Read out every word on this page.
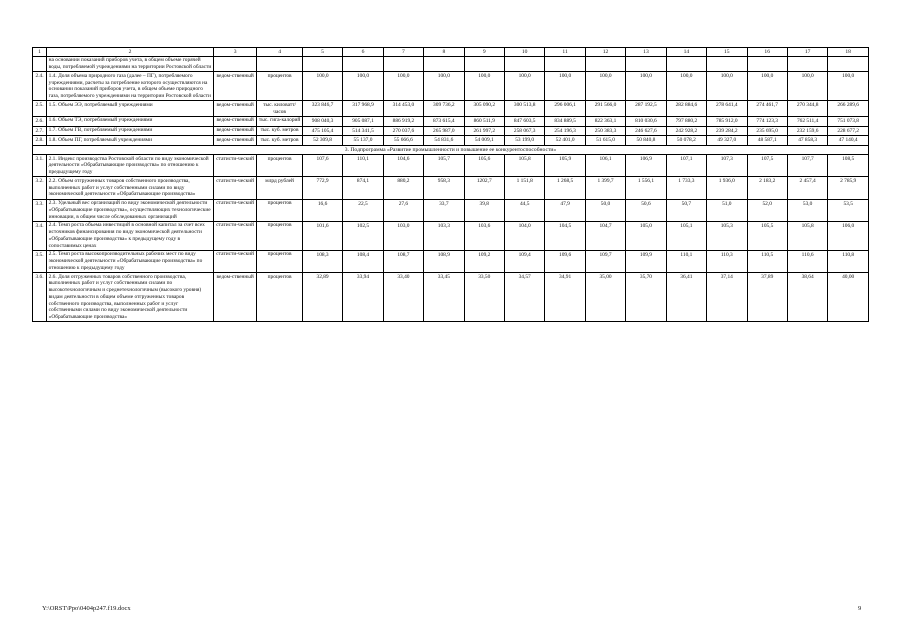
1	2	3	4	5	6	7	8	9	10	11	12	13	14	15	16	17	18
	на основании показаний приборов учета, в общем объеме горячей воды, потребляемой учреждениями на территории Ростовской области																
2.4.	1.4. Доля объема природного газа (далее – ПГ), потребляемого учреждениями, расчеты за потребление которого осуществляются на основании показаний приборов учета, в общем объеме природного газа, потребляемого учреждениями на территории Ростовской области	ведом-ственный	процентов	100,0	100,0	100,0	100,0	100,0	100,0	100,0	100,0	100,0	100,0	100,0	100,0	100,0	100,0
2.5.	1.5. Объем ЭЭ, потребляемый учреждениями	ведом-ственный	тыс. киловатт/ часов	323 846,7	317 968,9	314 453,0	309 736,2	305 090,2	300 513,8	296 006,1	291 566,0	287 192,5	282 884,6	278 641,4	274 461,7	270 344,8	266 289,6
2.6.	1.6. Объем ТЭ, потребляемый учреждениями	ведом-ственный	тыс. гига-калорий	908 040,3	905 087,1	886 919,2	873 615,4	860 511,9	847 603,5	834 889,5	822 363,1	810 030,6	797 880,2	785 912,0	774 123,3	762 511,4	751 073,8
2.7.	1.7. Объем ГВ, потребляемый учреждениями	ведом-ственный	тыс. куб. метров	475 105,4	514 341,5	270 037,6	265 987,0	261 997,2	258 067,3	254 196,3	250 383,3	246 627,6	242 928,2	239 284,2	235 695,0	232 159,6	228 677,2
2.8.	1.8. Объем ПГ, потребляемый учреждениями	ведом-ственный	тыс. куб. метров	52 309,8	55 137,0	55 666,6	54 831,6	54 009,1	53 199,0	52 401,0	51 615,0	50 840,8	50 078,2	49 327,0	48 587,1	47 858,3	47 140,4
3. Подпрограмма «Развитие промышленности и повышение ее конкурентоспособности»																	
3.1.	2.1. Индекс производства Ростовской области по виду экономической деятельности «Обрабатывающие производства» по отношению к предыдущему году	статисти-ческий	процентов	107,6	110,1	104,6	105,7	105,6	105,8	105,9	106,1	106,9	107,1	107,3	107,5	107,7	108,5
3.2.	2.2. Объем отгруженных товаров собственного производства, выполненных работ и услуг собственными силами по виду экономической деятельности «Обрабатывающие производства»	статисти-ческий	млрд рублей	772,9	874,1	880,2	958,3	1202,7	1 151,8	1 268,5	1 399,7	1 556,1	1 733,3	1 936,0	2 183,2	2 457,4	2 785,9
3.3.	2.3. Удельный вес организаций по виду экономической деятельности «Обрабатывающие производства», осуществляющих технологические инновации, в общем числе обследованных организаций	статисти-ческий	процентов	16,6	22,5	27,6	33,7	39,8	44,5	47,9	50,0	50,6	50,7	51,0	52,0	53,0	53,5
3.4.	2.4. Темп роста объема инвестиций в основной капитал за счет всех источников финансирования по виду экономической деятельности «Обрабатывающие производства» к предыдущему году в сопоставимых ценах	статисти-ческий	процентов	101,6	102,5	103,0	103,3	103,6	104,0	104,5	104,7	105,0	105,1	105,3	105,5	105,8	106,0
3.5.	2.5. Темп роста высокопроизводительных рабочих мест по виду экономической деятельности «Обрабатывающие производства» по отношению к предыдущему году	статисти-ческий	процентов	108,3	108,4	108,7	108,9	109,2	109,4	109,6	109,7	109,9	110,1	110,3	110,5	110,6	110,8
3.6.	2.6. Доля отгруженных товаров собственного производства, выполненных работ и услуг собственными силами по высокотехнологичным и среднетехнологичным (высокого уровня) видам деятельности в общем объеме отгруженных товаров собственного производства, выполненных работ и услуг собственными силами по виду экономической деятельности «Обрабатывающие производства»	ведом-ственный	процентов	32,89	33,94	33,40	33,45	33,50	34,57	34,91	35,00	35,70	36,41	37,14	37,89	38,64	40,00
Y:\ORST\Ppo\0404p247.f19.docx	9
